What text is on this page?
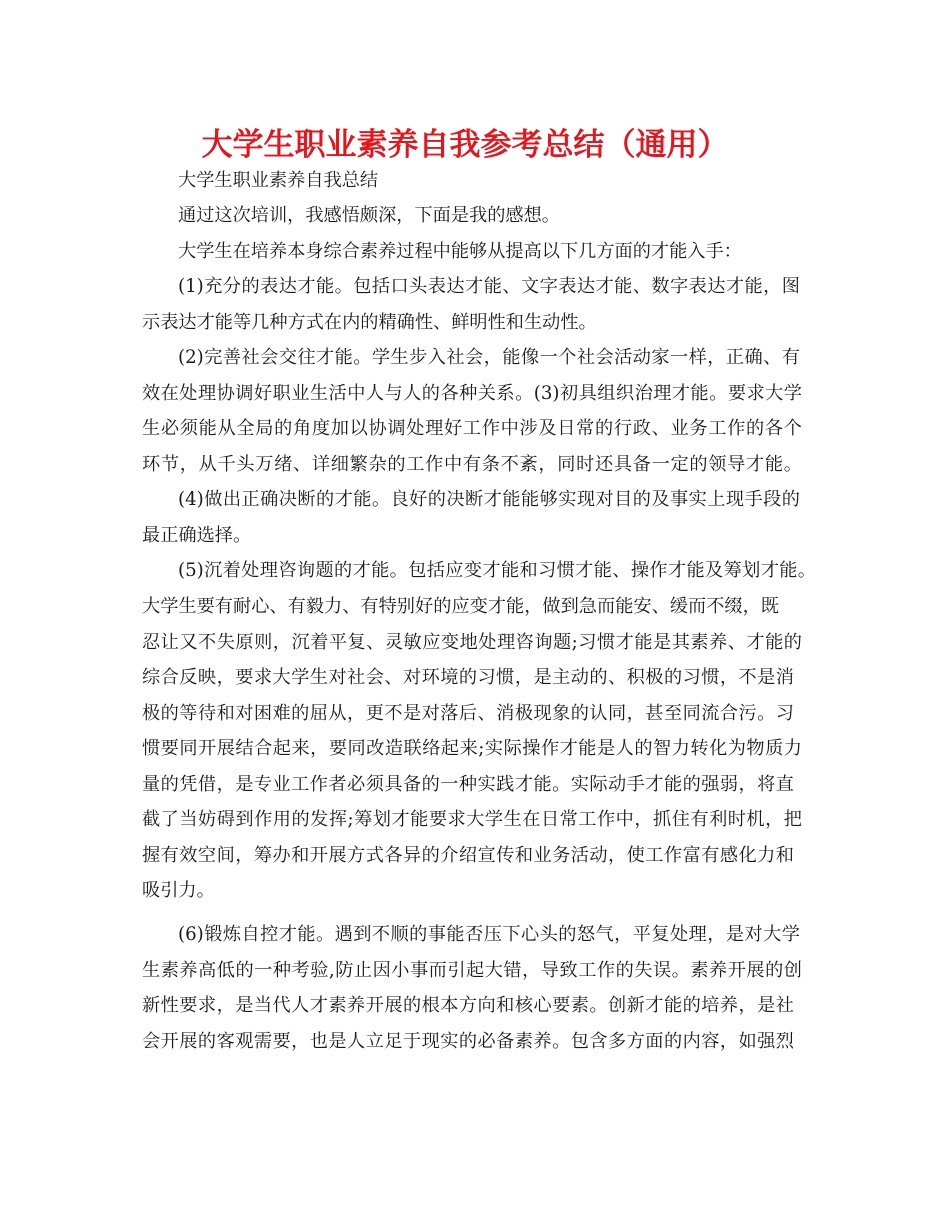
大学生职业素养自我参考总结（通用）
大学生职业素养自我总结
通过这次培训，我感悟颇深，下面是我的感想。
大学生在培养本身综合素养过程中能够从提高以下几方面的才能入手：
(1)充分的表达才能。包括口头表达才能、文字表达才能、数字表达才能，图
示表达才能等几种方式在内的精确性、鲜明性和生动性。
(2)完善社会交往才能。学生步入社会，能像一个社会活动家一样，正确、有
效在处理协调好职业生活中人与人的各种关系。(3)初具组织治理才能。要求大学
生必须能从全局的角度加以协调处理好工作中涉及日常的行政、业务工作的各个
环节，从千头万绪、详细繁杂的工作中有条不紊，同时还具备一定的领导才能。
(4)做出正确决断的才能。良好的决断才能能够实现对目的及事实上现手段的
最正确选择。
(5)沉着处理咨询题的才能。包括应变才能和习惯才能、操作才能及筹划才能。
大学生要有耐心、有毅力、有特别好的应变才能，做到急而能安、缓而不缀，既
忍让又不失原则，沉着平复、灵敏应变地处理咨询题;习惯才能是其素养、才能的
综合反映，要求大学生对社会、对环境的习惯，是主动的、积极的习惯，不是消
极的等待和对困难的屈从，更不是对落后、消极现象的认同，甚至同流合污。习
惯要同开展结合起来，要同改造联络起来;实际操作才能是人的智力转化为物质力
量的凭借，是专业工作者必须具备的一种实践才能。实际动手才能的强弱，将直
截了当妨碍到作用的发挥;筹划才能要求大学生在日常工作中，抓住有利时机，把
握有效空间，筹办和开展方式各异的介绍宣传和业务活动，使工作富有感化力和
吸引力。
(6)锻炼自控才能。遇到不顺的事能否压下心头的怒气，平复处理，是对大学
生素养高低的一种考验,防止因小事而引起大错，导致工作的失误。素养开展的创
新性要求，是当代人才素养开展的根本方向和核心要素。创新才能的培养，是社
会开展的客观需要，也是人立足于现实的必备素养。包含多方面的内容，如强烈
